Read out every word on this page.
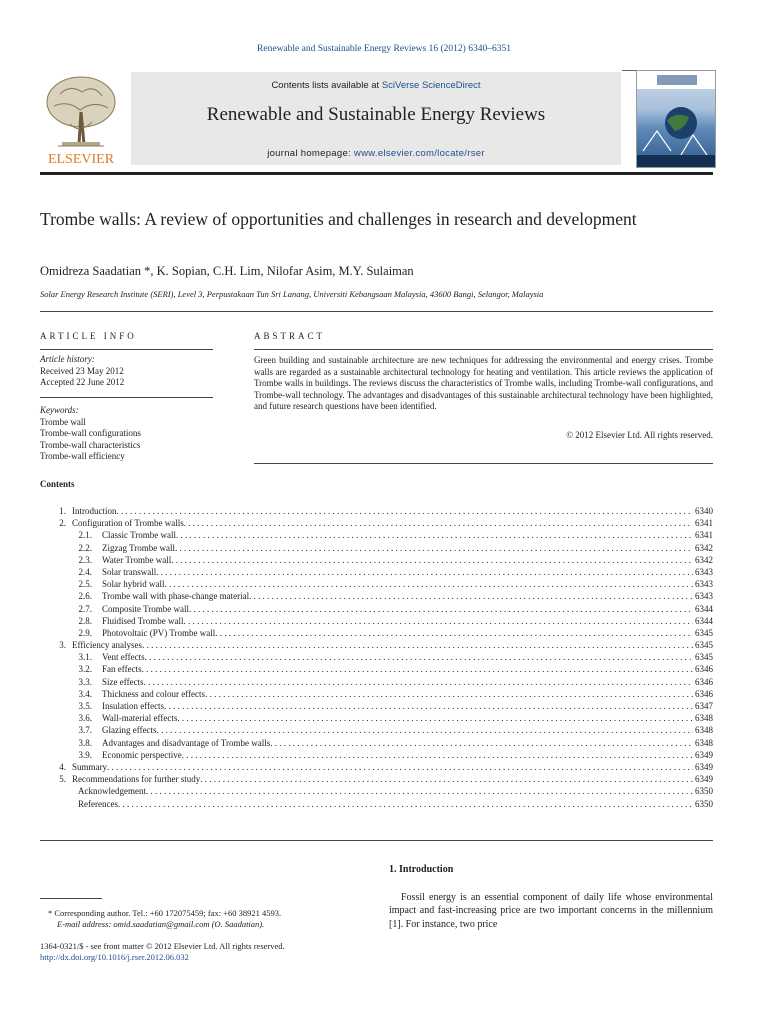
Renewable and Sustainable Energy Reviews 16 (2012) 6340–6351
ELSEVIER
Contents lists available at SciVerse ScienceDirect
Renewable and Sustainable Energy Reviews
journal homepage: www.elsevier.com/locate/rser
Trombe walls: A review of opportunities and challenges in research and development
Omidreza Saadatian *, K. Sopian, C.H. Lim, Nilofar Asim, M.Y. Sulaiman
Solar Energy Research Institute (SERI), Level 3, Perpustakaan Tun Sri Lanang, Universiti Kebangsaan Malaysia, 43600 Bangi, Selangor, Malaysia
ARTICLE INFO	ABSTRACT
Article history:
Received 23 May 2012
Accepted 22 June 2012
Keywords:
Trombe wall
Trombe-wall configurations
Trombe-wall characteristics
Trombe-wall efficiency
Green building and sustainable architecture are new techniques for addressing the environmental and energy crises. Trombe walls are regarded as a sustainable architectural technology for heating and ventilation. This article reviews the application of Trombe walls in buildings. The reviews discuss the characteristics of Trombe walls, including Trombe-wall configurations, and Trombe-wall technology. The advantages and disadvantages of this sustainable architectural technology have been highlighted, and future research questions have been identified.
© 2012 Elsevier Ltd. All rights reserved.
Contents
1. Introduction . . .	6340
2. Configuration of Trombe walls . . .	6341
2.1.	Classic Trombe wall . . .	6341
2.2.	Zigzag Trombe wall . . .	6342
2.3.	Water Trombe wall . . .	6342
2.4.	Solar transwall . . .	6343
2.5.	Solar hybrid wall . . .	6343
2.6.	Trombe wall with phase-change material . . .	6343
2.7.	Composite Trombe wall . . .	6344
2.8.	Fluidised Trombe wall . . .	6344
2.9.	Photovoltaic (PV) Trombe wall . . .	6345
3. Efficiency analyses . . .	6345
3.1.	Vent effects . . .	6345
3.2.	Fan effects . . .	6346
3.3.	Size effects . . .	6346
3.4.	Thickness and colour effects . . .	6346
3.5.	Insulation effects . . .	6347
3.6.	Wall-material effects . . .	6348
3.7.	Glazing effects . . .	6348
3.8.	Advantages and disadvantage of Trombe walls . . .	6348
3.9.	Economic perspective . . .	6349
4. Summary . . .	6349
5. Recommendations for further study . . .	6349
Acknowledgement . . .	6350
References . . .	6350
1. Introduction
Fossil energy is an essential component of daily life whose environmental impact and fast-increasing price are two important concerns in the millennium [1]. For instance, two price
* Corresponding author. Tel.: +60 172075459; fax: +60 38921 4593.
E-mail address: omid.saadatian@gmail.com (O. Saadatian).
1364-0321/$ - see front matter © 2012 Elsevier Ltd. All rights reserved.
http://dx.doi.org/10.1016/j.rser.2012.06.032
